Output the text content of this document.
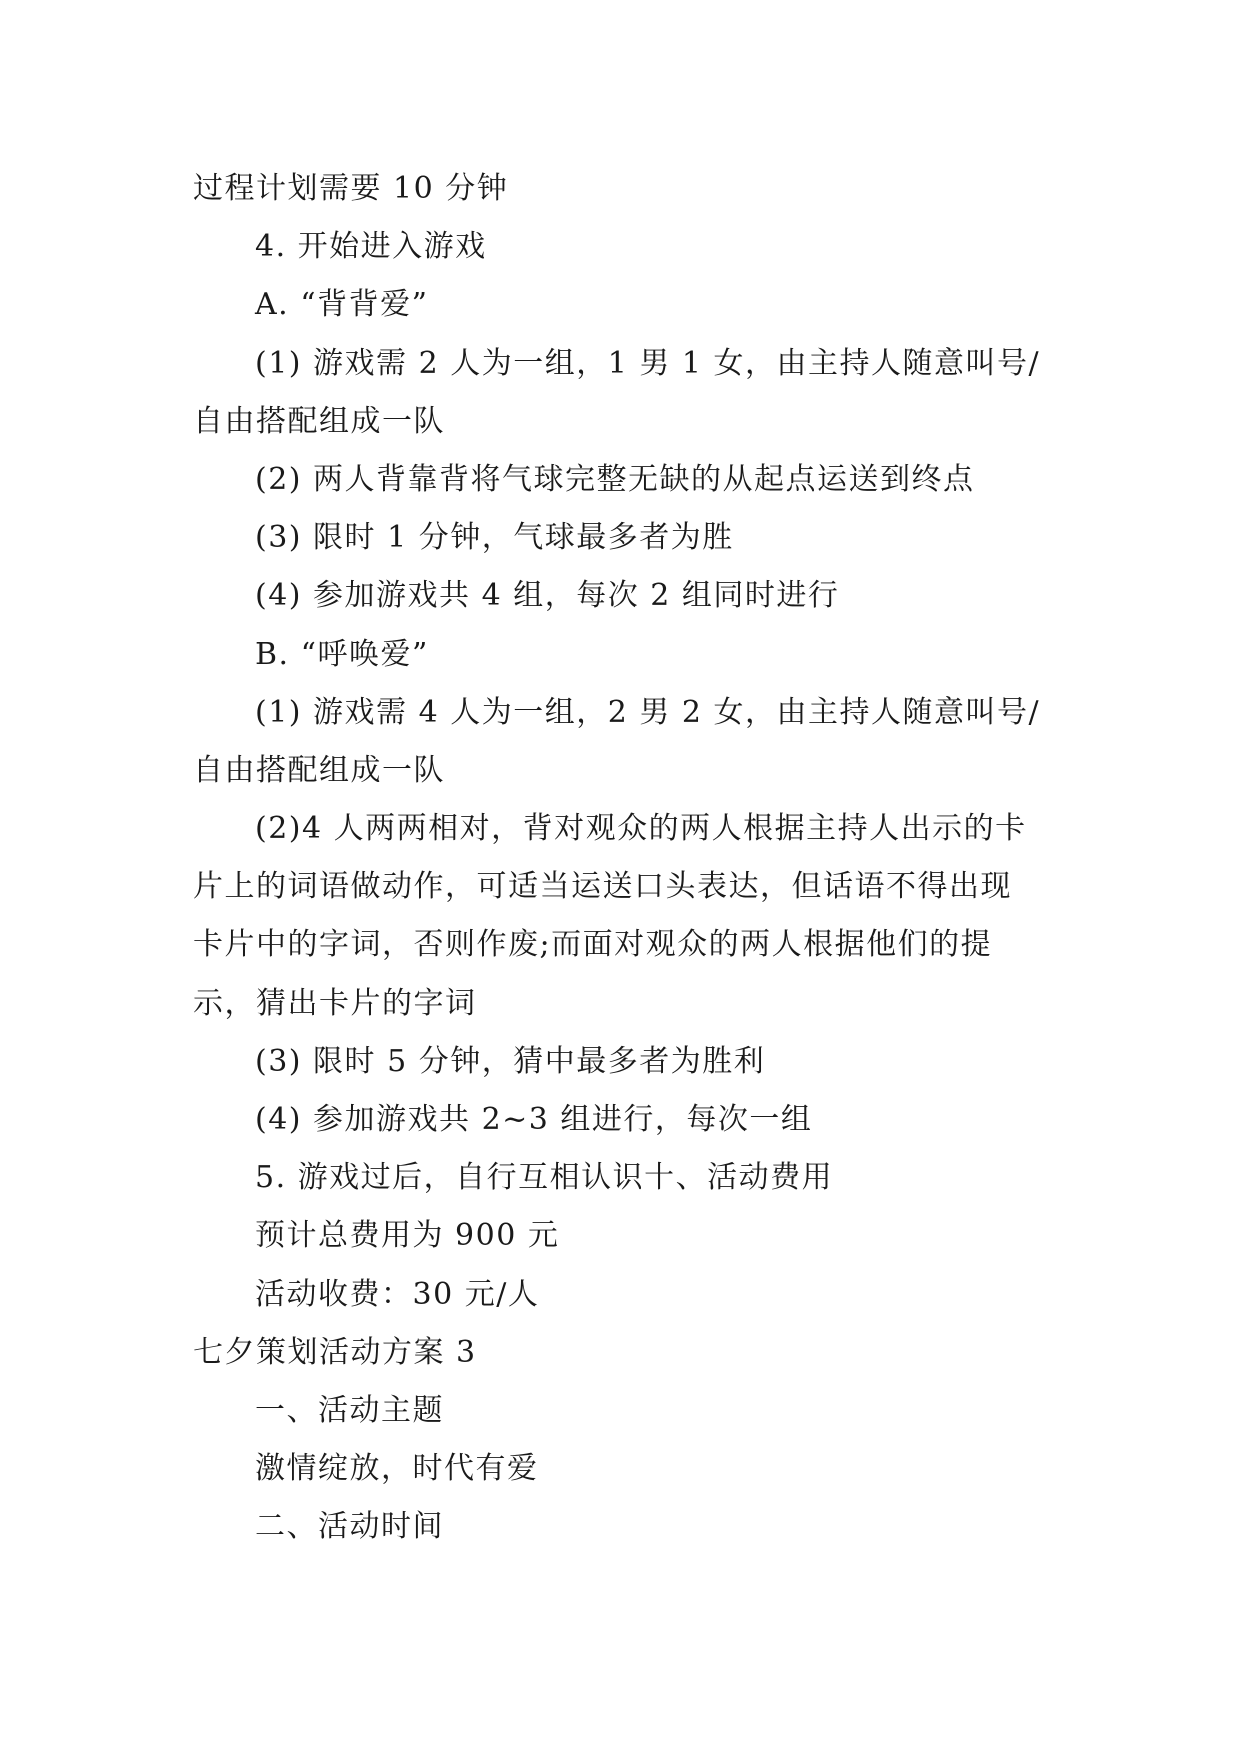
过程计划需要 10 分钟
4. 开始进入游戏
A. “背背爱”
(1) 游戏需 2 人为一组，1 男 1 女，由主持人随意叫号/
自由搭配组成一队
(2) 两人背靠背将气球完整无缺的从起点运送到终点
(3) 限时 1 分钟，气球最多者为胜
(4) 参加游戏共 4 组，每次 2 组同时进行
B. “呼唤爱”
(1) 游戏需 4 人为一组，2 男 2 女，由主持人随意叫号/
自由搭配组成一队
(2)4 人两两相对，背对观众的两人根据主持人出示的卡
片上的词语做动作，可适当运送口头表达，但话语不得出现
卡片中的字词，否则作废;而面对观众的两人根据他们的提
示，猜出卡片的字词
(3) 限时 5 分钟，猜中最多者为胜利
(4) 参加游戏共 2~3 组进行，每次一组
5. 游戏过后，自行互相认识十、活动费用
预计总费用为 900 元
活动收费：30 元/人
七夕策划活动方案 3
一、活动主题
激情绽放，时代有爱
二、活动时间
